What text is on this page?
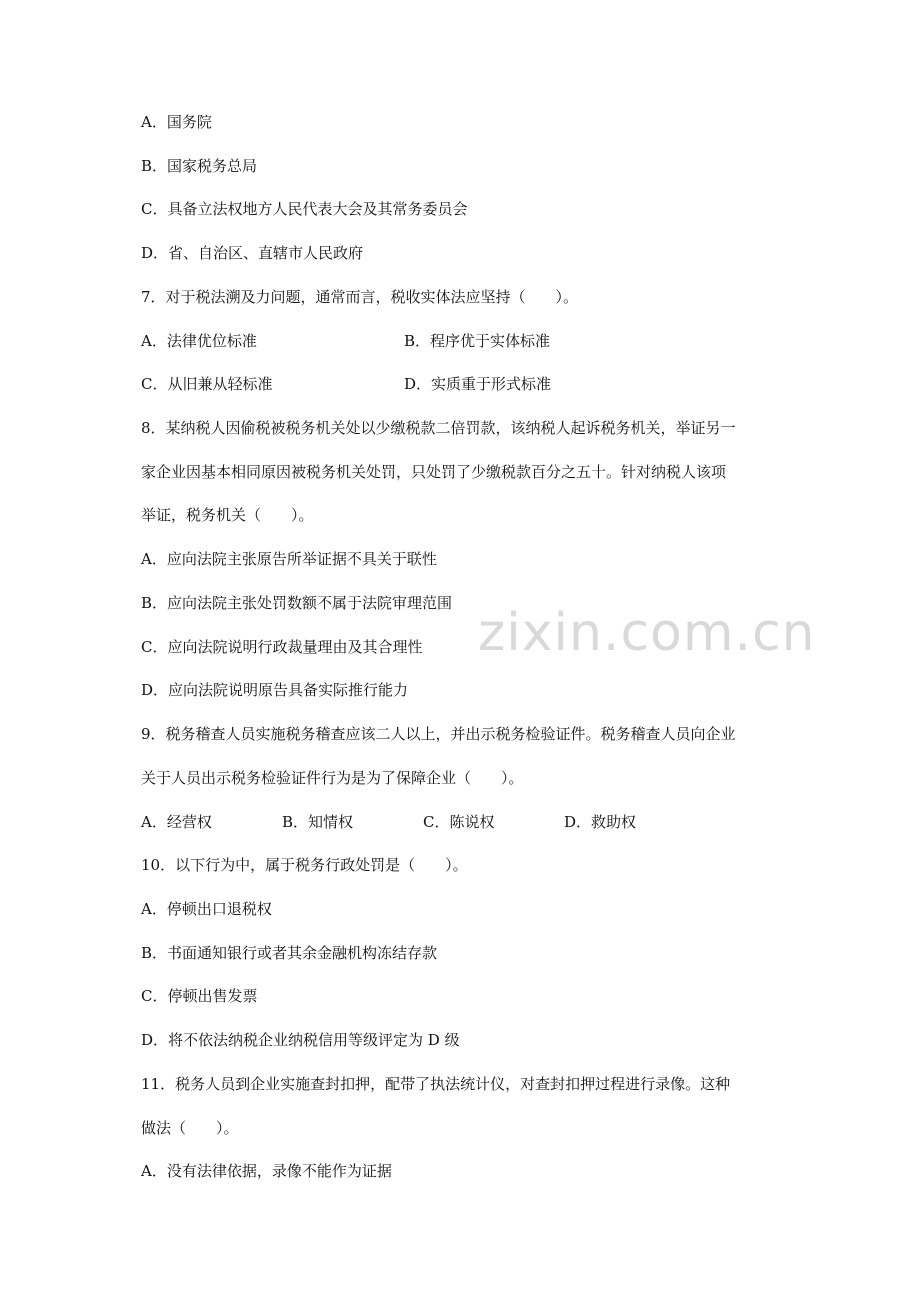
A．国务院
B．国家税务总局
C．具备立法权地方人民代表大会及其常务委员会
D．省、自治区、直辖市人民政府
7．对于税法溯及力问题，通常而言，税收实体法应坚持（　　）。
A．法律优位标准	B．程序优于实体标准
C．从旧兼从轻标准	D．实质重于形式标准
8．某纳税人因偷税被税务机关处以少缴税款二倍罚款，该纳税人起诉税务机关，举证另一
家企业因基本相同原因被税务机关处罚，只处罚了少缴税款百分之五十。针对纳税人该项
举证，税务机关（　　）。
A．应向法院主张原告所举证据不具关于联性
B．应向法院主张处罚数额不属于法院审理范围
C．应向法院说明行政裁量理由及其合理性
D．应向法院说明原告具备实际推行能力
9．税务稽查人员实施税务稽查应该二人以上，并出示税务检验证件。税务稽查人员向企业
关于人员出示税务检验证件行为是为了保障企业（　　）。
A．经营权	B．知情权	C．陈说权	D．救助权
10．以下行为中，属于税务行政处罚是（　　）。
A．停顿出口退税权
B．书面通知银行或者其余金融机构冻结存款
C．停顿出售发票
D．将不依法纳税企业纳税信用等级评定为 D 级
11．税务人员到企业实施查封扣押，配带了执法统计仪，对查封扣押过程进行录像。这种
做法（　　）。
A．没有法律依据，录像不能作为证据
zixin.com.cn
